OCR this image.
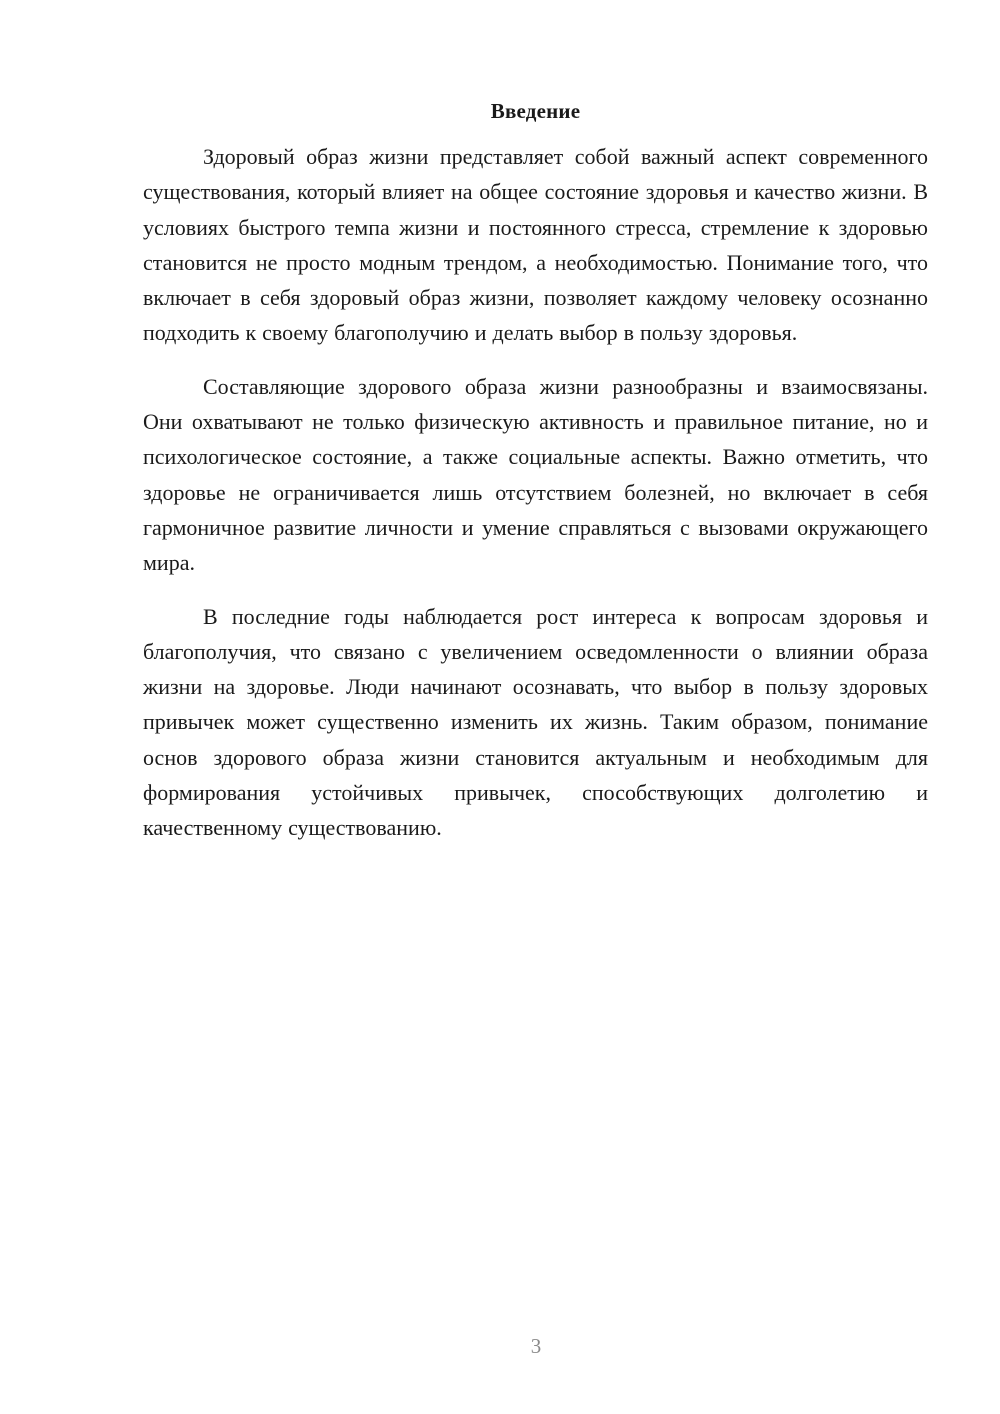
Введение

Здоровый образ жизни представляет собой важный аспект современного существования, который влияет на общее состояние здоровья и качество жизни. В условиях быстрого темпа жизни и постоянного стресса, стремление к здоровью становится не просто модным трендом, а необходимостью. Понимание того, что включает в себя здоровый образ жизни, позволяет каждому человеку осознанно подходить к своему благополучию и делать выбор в пользу здоровья.

Составляющие здорового образа жизни разнообразны и взаимосвязаны. Они охватывают не только физическую активность и правильное питание, но и психологическое состояние, а также социальные аспекты. Важно отметить, что здоровье не ограничивается лишь отсутствием болезней, но включает в себя гармоничное развитие личности и умение справляться с вызовами окружающего мира.

В последние годы наблюдается рост интереса к вопросам здоровья и благополучия, что связано с увеличением осведомленности о влиянии образа жизни на здоровье. Люди начинают осознавать, что выбор в пользу здоровых привычек может существенно изменить их жизнь. Таким образом, понимание основ здорового образа жизни становится актуальным и необходимым для формирования устойчивых привычек, способствующих долголетию и качественному существованию.

3
